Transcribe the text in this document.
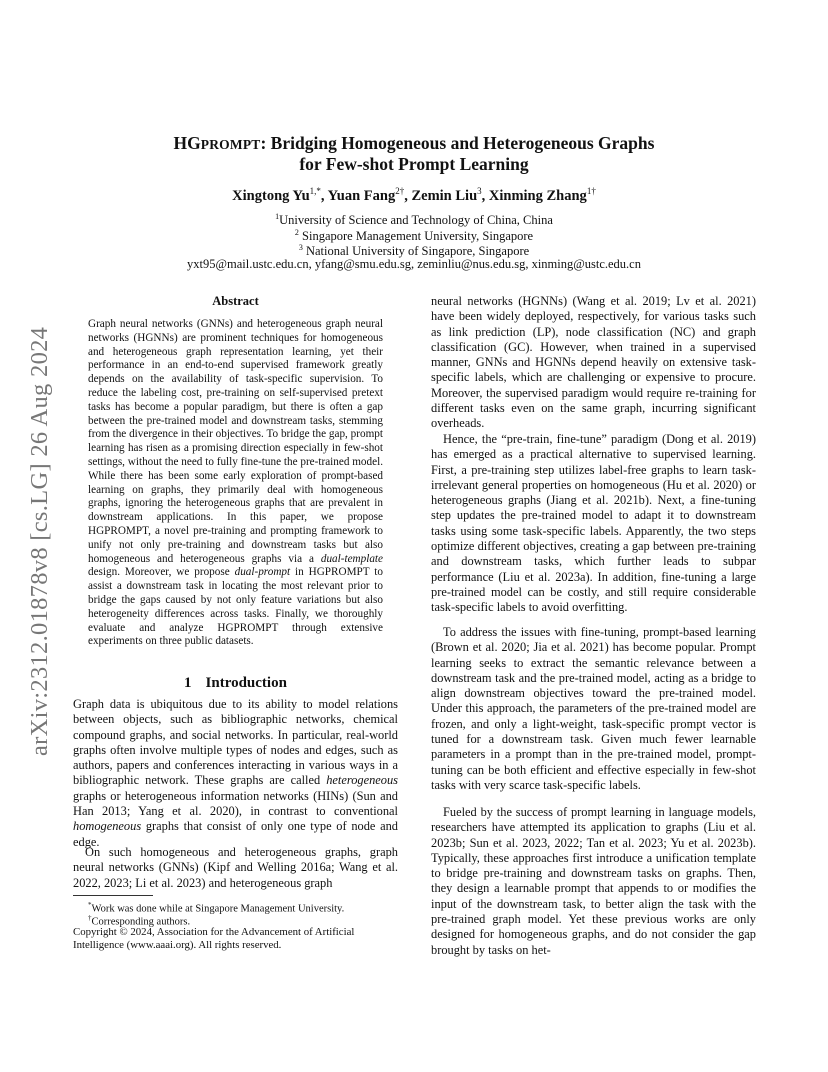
HGPROMPT: Bridging Homogeneous and Heterogeneous Graphs
for Few-shot Prompt Learning
Xingtong $Yu^{1,*}$, Yuan Fang$^{2\dagger}$, Zemin Liu$^3$, Xinming Zhang$^{1\dagger}$
$^1$University of Science and Technology of China, China
$^2$ Singapore Management University, Singapore
$^3$ National University of Singapore, Singapore
yxt95@mail.ustc.edu.cn, yfang@smu.edu.sg, zeminliu@nus.edu.sg, xinming@ustc.edu.cn
arXiv:2312.01878v8 [cs.LG] 26 Aug 2024
Abstract
Graph neural networks (GNNs) and heterogeneous graph neural networks (HGNNs) are prominent techniques for homogeneous and heterogeneous graph representation learning, yet their performance in an end-to-end supervised framework greatly depends on the availability of task-specific supervision. To reduce the labeling cost, pre-training on self-supervised pretext tasks has become a popular paradigm, but there is often a gap between the pre-trained model and downstream tasks, stemming from the divergence in their objectives. To bridge the gap, prompt learning has risen as a promising direction especially in few-shot settings, without the need to fully fine-tune the pre-trained model. While there has been some early exploration of prompt-based learning on graphs, they primarily deal with homogeneous graphs, ignoring the heterogeneous graphs that are prevalent in downstream applications. In this paper, we propose HGPROMPT, a novel pre-training and prompting framework to unify not only pre-training and downstream tasks but also homogeneous and heterogeneous graphs via a dual-template design. Moreover, we propose dual-prompt in HGPROMPT to assist a downstream task in locating the most relevant prior to bridge the gaps caused by not only feature variations but also heterogeneity differences across tasks. Finally, we thoroughly evaluate and analyze HGPROMPT through extensive experiments on three public datasets.
1 Introduction
Graph data is ubiquitous due to its ability to model relations between objects, such as bibliographic networks, chemical compound graphs, and social networks. In particular, real-world graphs often involve multiple types of nodes and edges, such as authors, papers and conferences interacting in various ways in a bibliographic network. These graphs are called heterogeneous graphs or heterogeneous information networks (HINs) (Sun and Han 2013; Yang et al. 2020), in contrast to conventional homogeneous graphs that consist of only one type of node and edge.
On such homogeneous and heterogeneous graphs, graph neural networks (GNNs) (Kipf and Welling 2016a; Wang et al. 2022, 2023; Li et al. 2023) and heterogeneous graph
*Work was done while at Singapore Management University.
†Corresponding authors.
Copyright © 2024, Association for the Advancement of Artificial Intelligence (www.aaai.org). All rights reserved.
neural networks (HGNNs) (Wang et al. 2019; Lv et al. 2021) have been widely deployed, respectively, for various tasks such as link prediction (LP), node classification (NC) and graph classification (GC). However, when trained in a supervised manner, GNNs and HGNNs depend heavily on extensive task-specific labels, which are challenging or expensive to procure. Moreover, the supervised paradigm would require re-training for different tasks even on the same graph, incurring significant overheads.
Hence, the “pre-train, fine-tune” paradigm (Dong et al. 2019) has emerged as a practical alternative to supervised learning. First, a pre-training step utilizes label-free graphs to learn task-irrelevant general properties on homogeneous (Hu et al. 2020) or heterogeneous graphs (Jiang et al. 2021b). Next, a fine-tuning step updates the pre-trained model to adapt it to downstream tasks using some task-specific labels. Apparently, the two steps optimize different objectives, creating a gap between pre-training and downstream tasks, which further leads to subpar performance (Liu et al. 2023a). In addition, fine-tuning a large pre-trained model can be costly, and still require considerable task-specific labels to avoid overfitting.
To address the issues with fine-tuning, prompt-based learning (Brown et al. 2020; Jia et al. 2021) has become popular. Prompt learning seeks to extract the semantic relevance between a downstream task and the pre-trained model, acting as a bridge to align downstream objectives toward the pre-trained model. Under this approach, the parameters of the pre-trained model are frozen, and only a light-weight, task-specific prompt vector is tuned for a downstream task. Given much fewer learnable parameters in a prompt than in the pre-trained model, prompt-tuning can be both efficient and effective especially in few-shot tasks with very scarce task-specific labels.
Fueled by the success of prompt learning in language models, researchers have attempted its application to graphs (Liu et al. 2023b; Sun et al. 2023, 2022; Tan et al. 2023; Yu et al. 2023b). Typically, these approaches first introduce a unification template to bridge pre-training and downstream tasks on graphs. Then, they design a learnable prompt that appends to or modifies the input of the downstream task, to better align the task with the pre-trained graph model. Yet these previous works are only designed for homogeneous graphs, and do not consider the gap brought by tasks on het-
